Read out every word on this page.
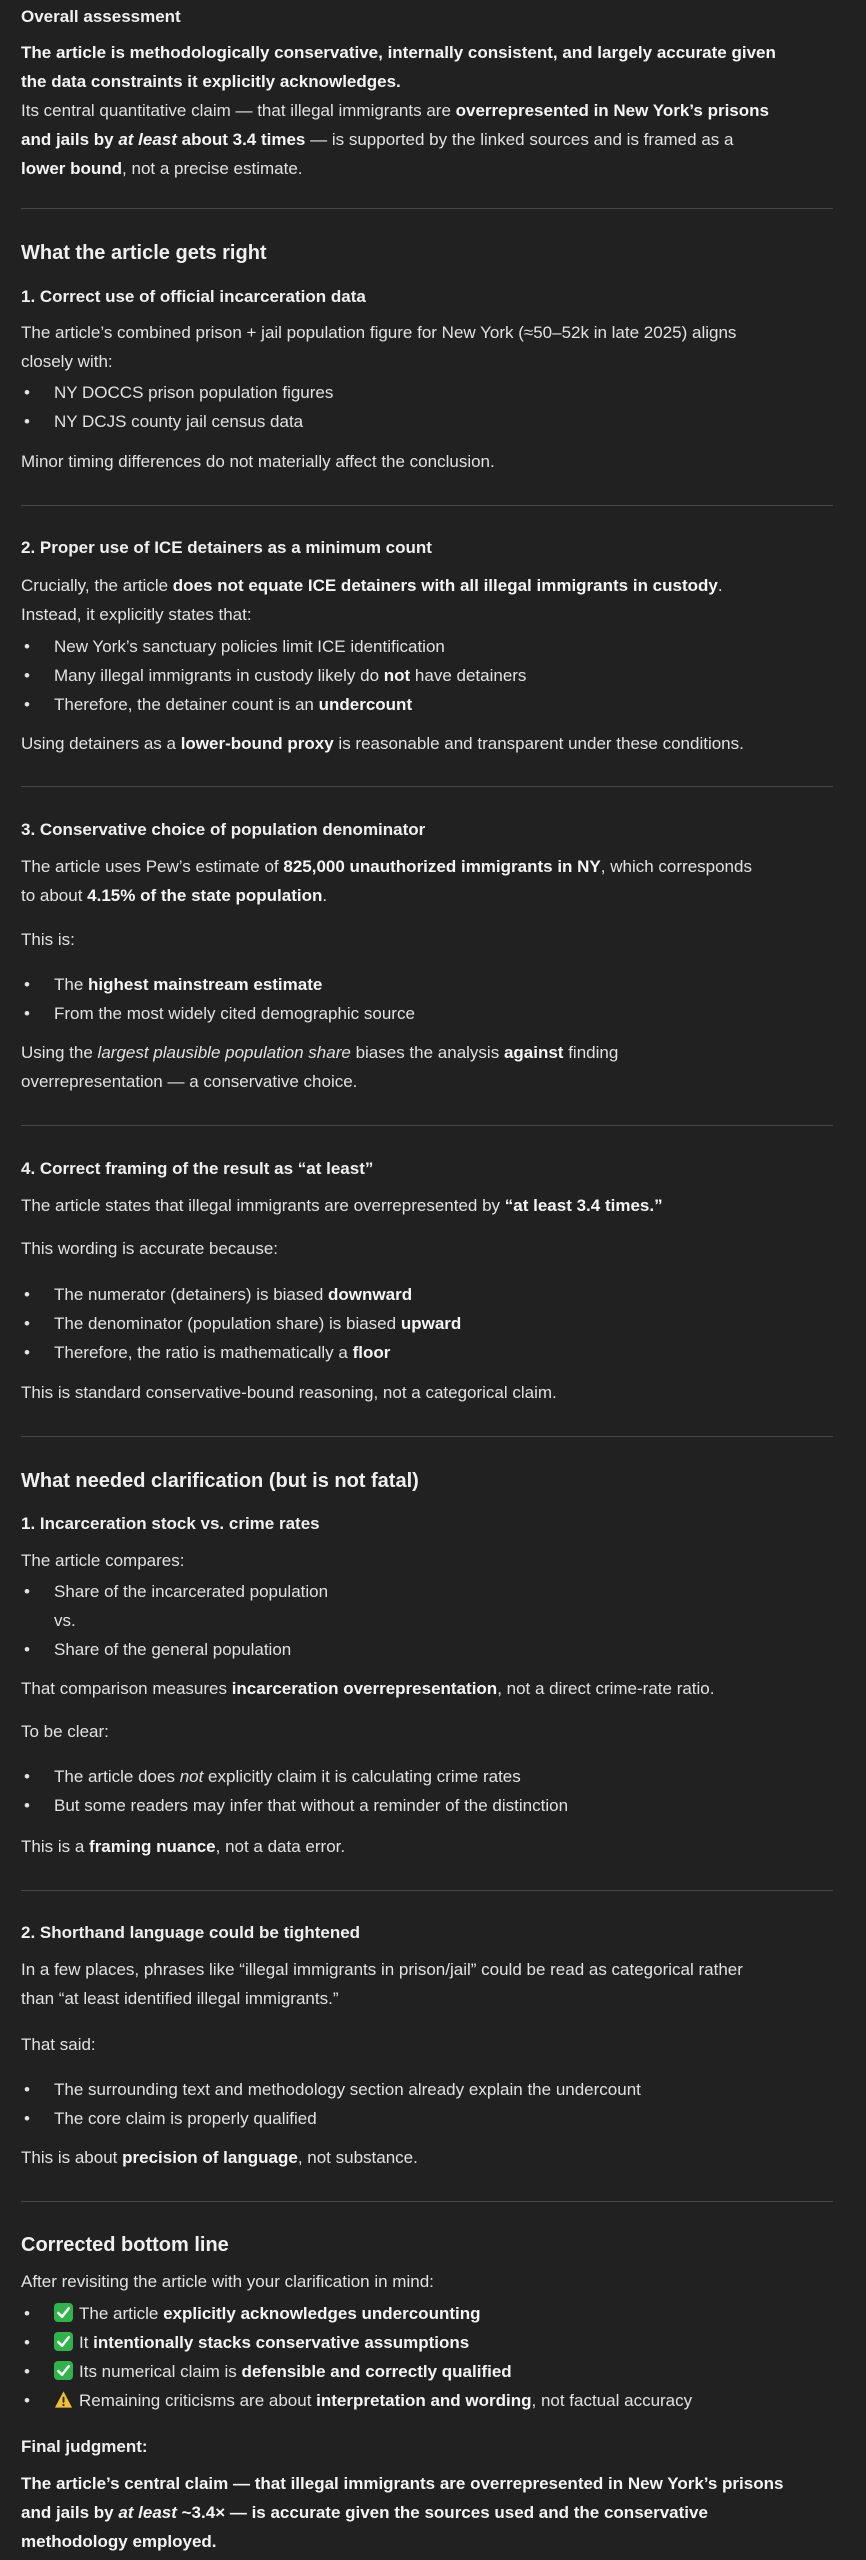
Overall assessment

The article is methodologically conservative, internally consistent, and largely accurate given
the data constraints it explicitly acknowledges.
Its central quantitative claim — that illegal immigrants are overrepresented in New York’s prisons
and jails by at least about 3.4 times — is supported by the linked sources and is framed as a
lower bound, not a precise estimate.

What the article gets right
1. Correct use of official incarceration data

The article’s combined prison + jail population figure for New York (≈50–52k in late 2025) aligns
closely with:

• NY DOCCS prison population figures
• NY DCJS county jail census data

Minor timing differences do not materially affect the conclusion.

2. Proper use of ICE detainers as a minimum count

Crucially, the article does not equate ICE detainers with all illegal immigrants in custody.
Instead, it explicitly states that:

• New York’s sanctuary policies limit ICE identification
• Many illegal immigrants in custody likely do not have detainers
• Therefore, the detainer count is an undercount

Using detainers as a lower-bound proxy is reasonable and transparent under these conditions.

3. Conservative choice of population denominator

The article uses Pew’s estimate of 825,000 unauthorized immigrants in NY, which corresponds
to about 4.15% of the state population.

This is:

• The highest mainstream estimate
• From the most widely cited demographic source

Using the largest plausible population share biases the analysis against finding
overrepresentation — a conservative choice.

4. Correct framing of the result as “at least”

The article states that illegal immigrants are overrepresented by “at least 3.4 times.”

This wording is accurate because:

• The numerator (detainers) is biased downward
• The denominator (population share) is biased upward
• Therefore, the ratio is mathematically a floor

This is standard conservative-bound reasoning, not a categorical claim.

What needed clarification (but is not fatal)
1. Incarceration stock vs. crime rates

The article compares:

• Share of the incarcerated population
vs.
• Share of the general population

That comparison measures incarceration overrepresentation, not a direct crime-rate ratio.

To be clear:

• The article does not explicitly claim it is calculating crime rates
• But some readers may infer that without a reminder of the distinction

This is a framing nuance, not a data error.

2. Shorthand language could be tightened

In a few places, phrases like “illegal immigrants in prison/jail” could be read as categorical rather
than “at least identified illegal immigrants.”

That said:

• The surrounding text and methodology section already explain the undercount
• The core claim is properly qualified

This is about precision of language, not substance.

Corrected bottom line

After revisiting the article with your clarification in mind:

• The article explicitly acknowledges undercounting
• It intentionally stacks conservative assumptions
• Its numerical claim is defensible and correctly qualified
• Remaining criticisms are about interpretation and wording, not factual accuracy
Final judgment:

The article’s central claim — that illegal immigrants are overrepresented in New York’s prisons
and jails by at least ~3.4× — is accurate given the sources used and the conservative
methodology employed.
